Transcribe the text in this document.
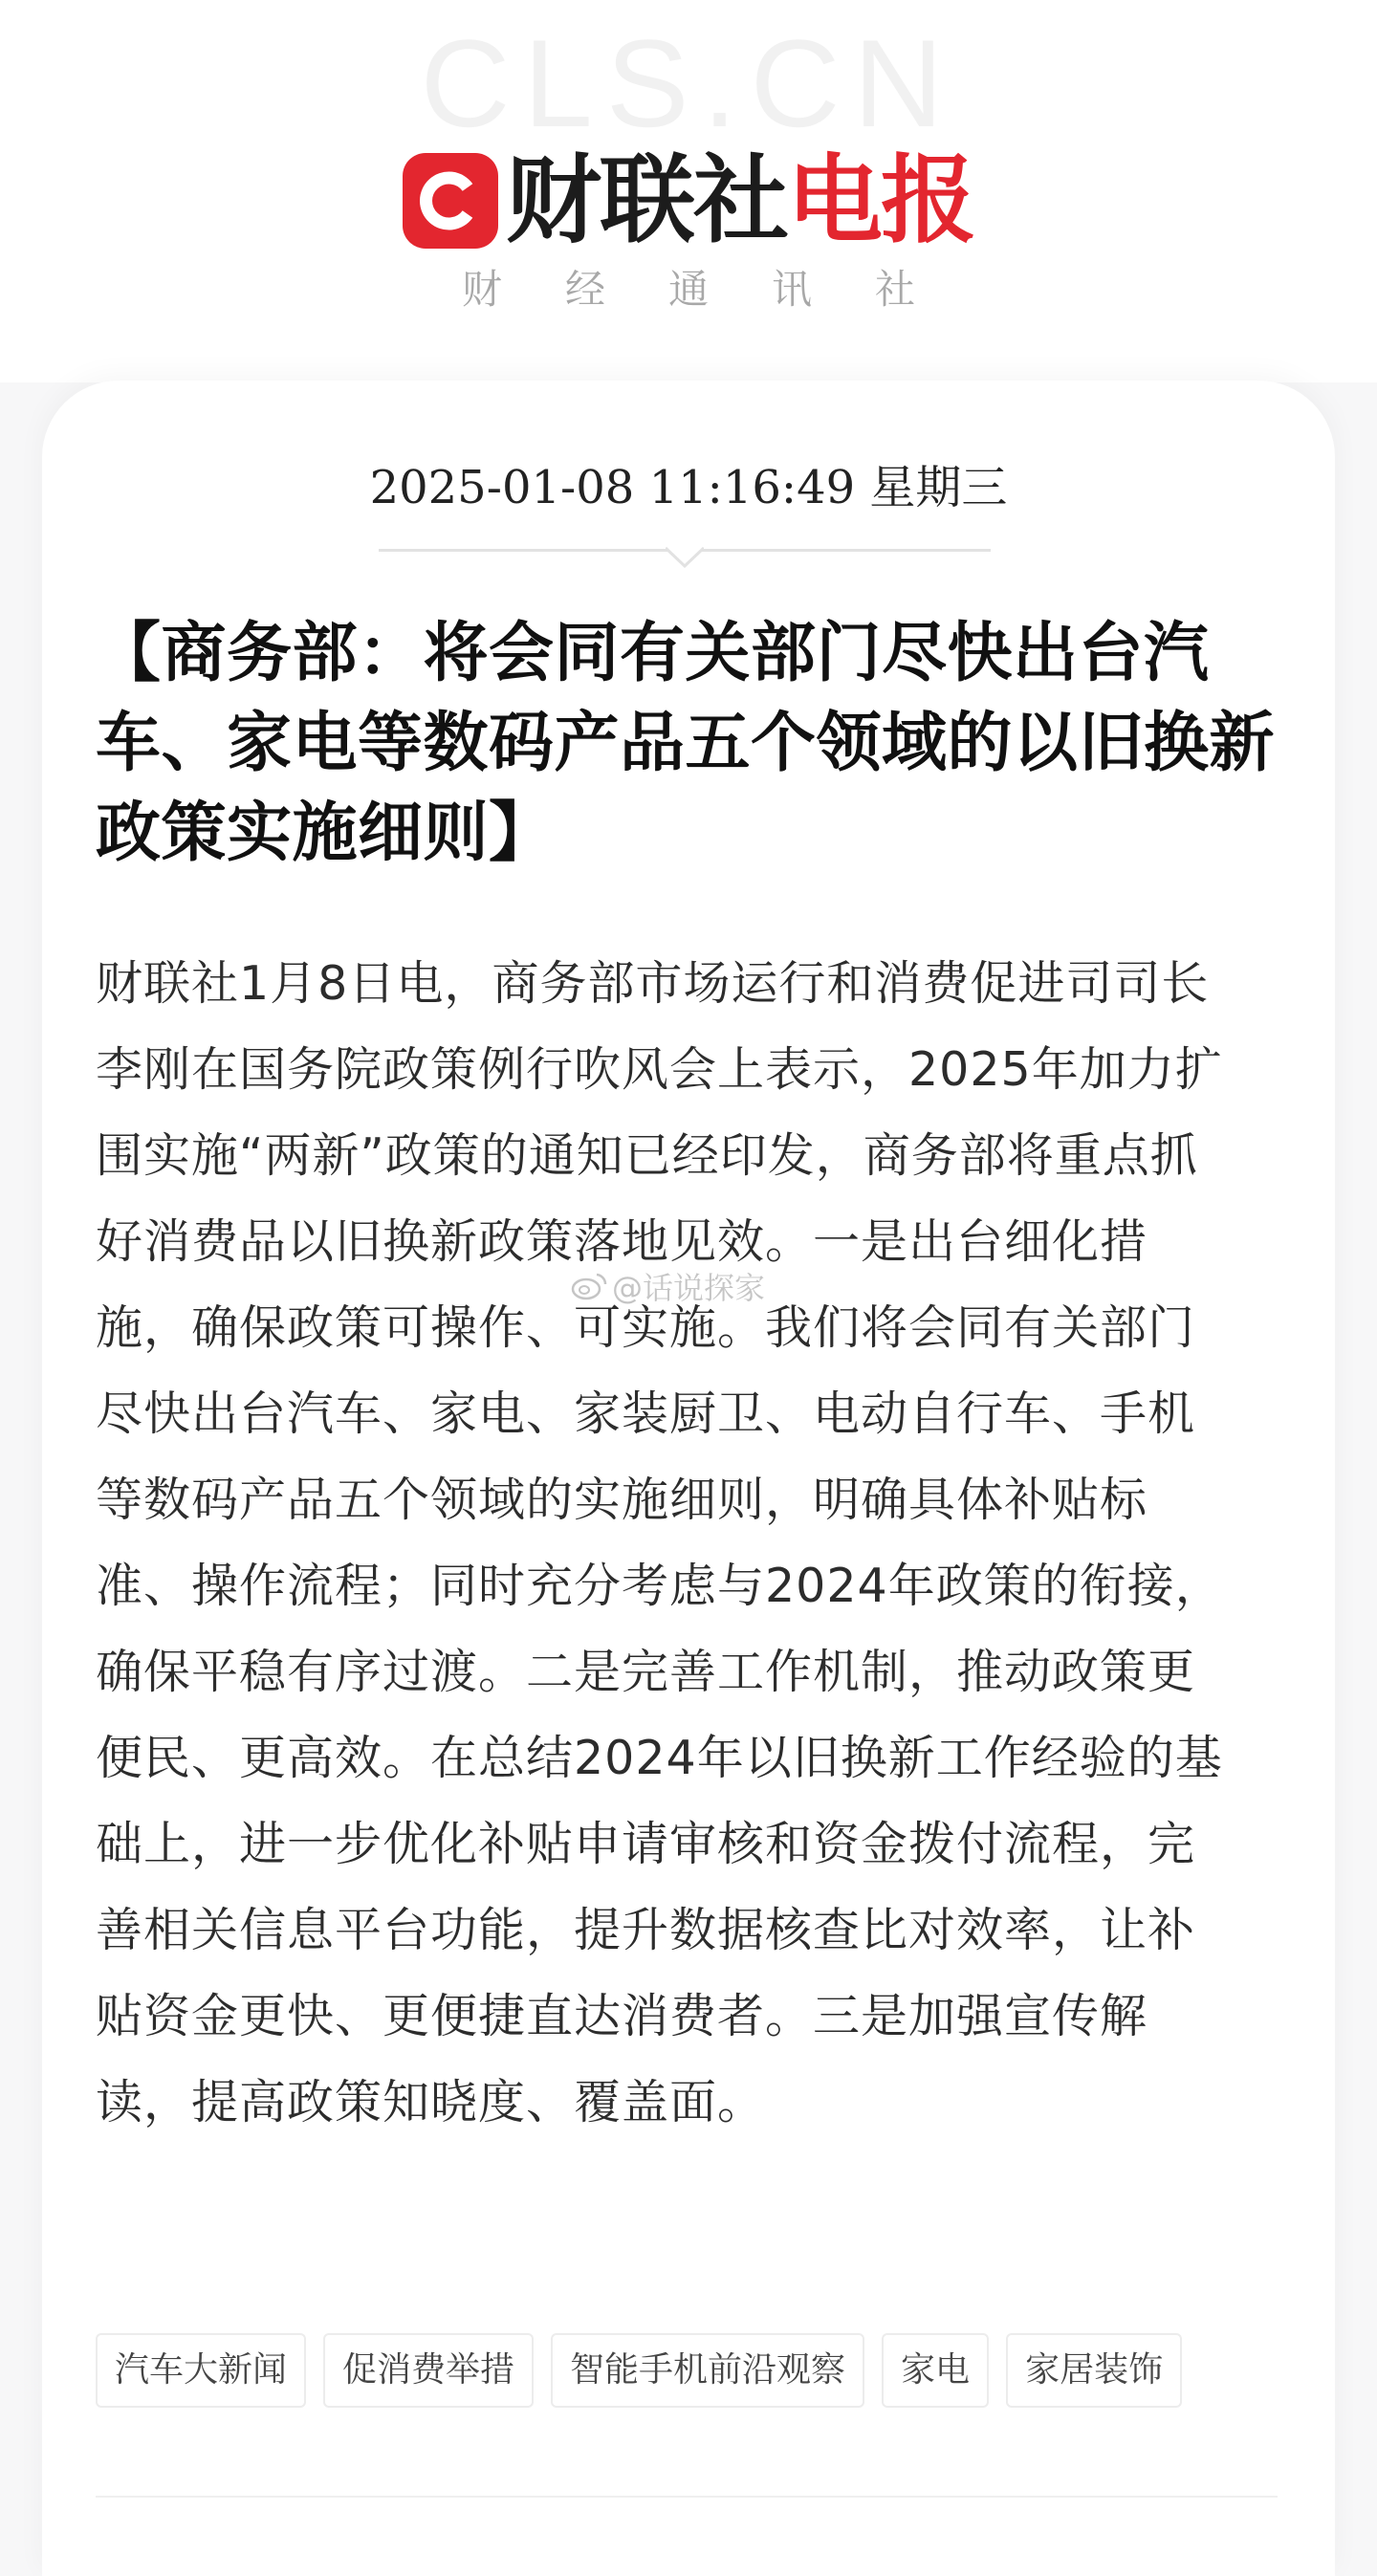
CLS.CN
财联社 电报
财 经 通 讯 社
2025-01-08 11:16:49 星期三
【商务部：将会同有关部门尽快出台汽车、家电等数码产品五个领域的以旧换新政策实施细则】

财联社1月8日电，商务部市场运行和消费促进司司长李刚在国务院政策例行吹风会上表示，2025年加力扩围实施“两新”政策的通知已经印发，商务部将重点抓好消费品以旧换新政策落地见效。一是出台细化措施，确保政策可操作、可实施。我们将会同有关部门尽快出台汽车、家电、家装厨卫、电动自行车、手机等数码产品五个领域的实施细则，明确具体补贴标准、操作流程；同时充分考虑与2024年政策的衔接，确保平稳有序过渡。二是完善工作机制，推动政策更便民、更高效。在总结2024年以旧换新工作经验的基础上，进一步优化补贴申请审核和资金拨付流程，完善相关信息平台功能，提升数据核查比对效率，让补贴资金更快、更便捷直达消费者。三是加强宣传解读，提高政策知晓度、覆盖面。

@话说探家
汽车大新闻	促消费举措	智能手机前沿观察	家电	家居装饰
